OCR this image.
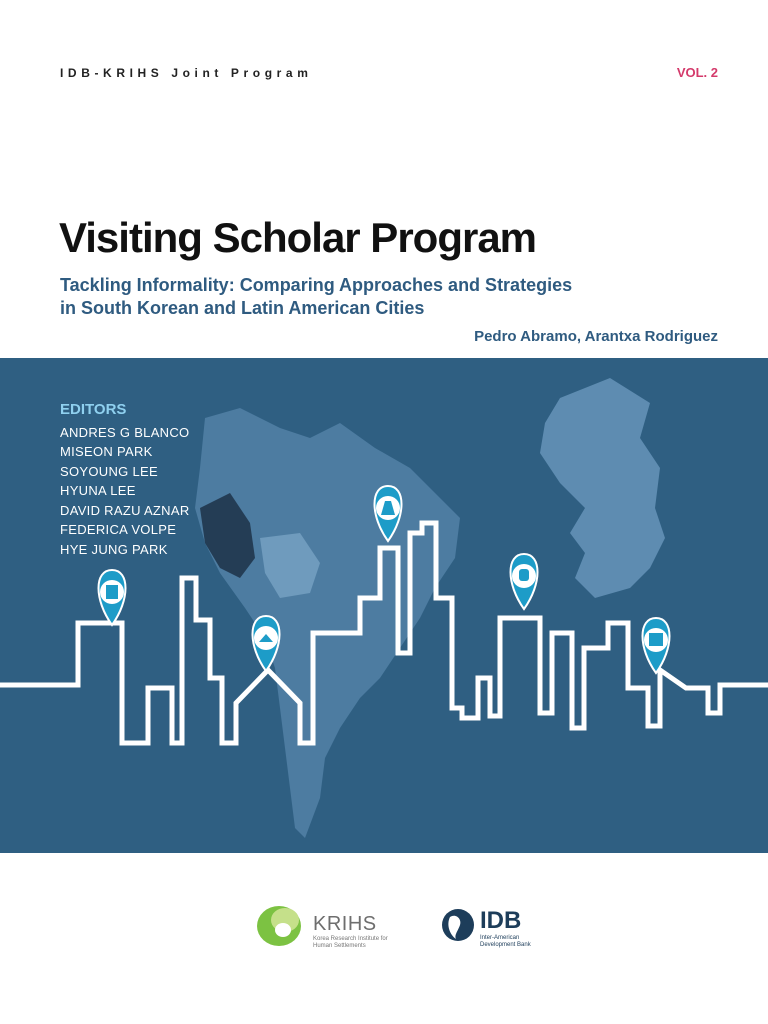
IDB-KRIHS Joint Program	VOL. 2
Visiting Scholar Program
Tackling Informality: Comparing Approaches and Strategies
in South Korean and Latin American Cities
Pedro Abramo, Arantxa Rodriguez
EDITORS
ANDRES G BLANCO
MISEON PARK
SOYOUNG LEE
HYUNA LEE
DAVID RAZU AZNAR
FEDERICA VOLPE
HYE JUNG PARK
KRIHS
Korea Research Institute for Human Settlements
IDB
Inter-American Development Bank
